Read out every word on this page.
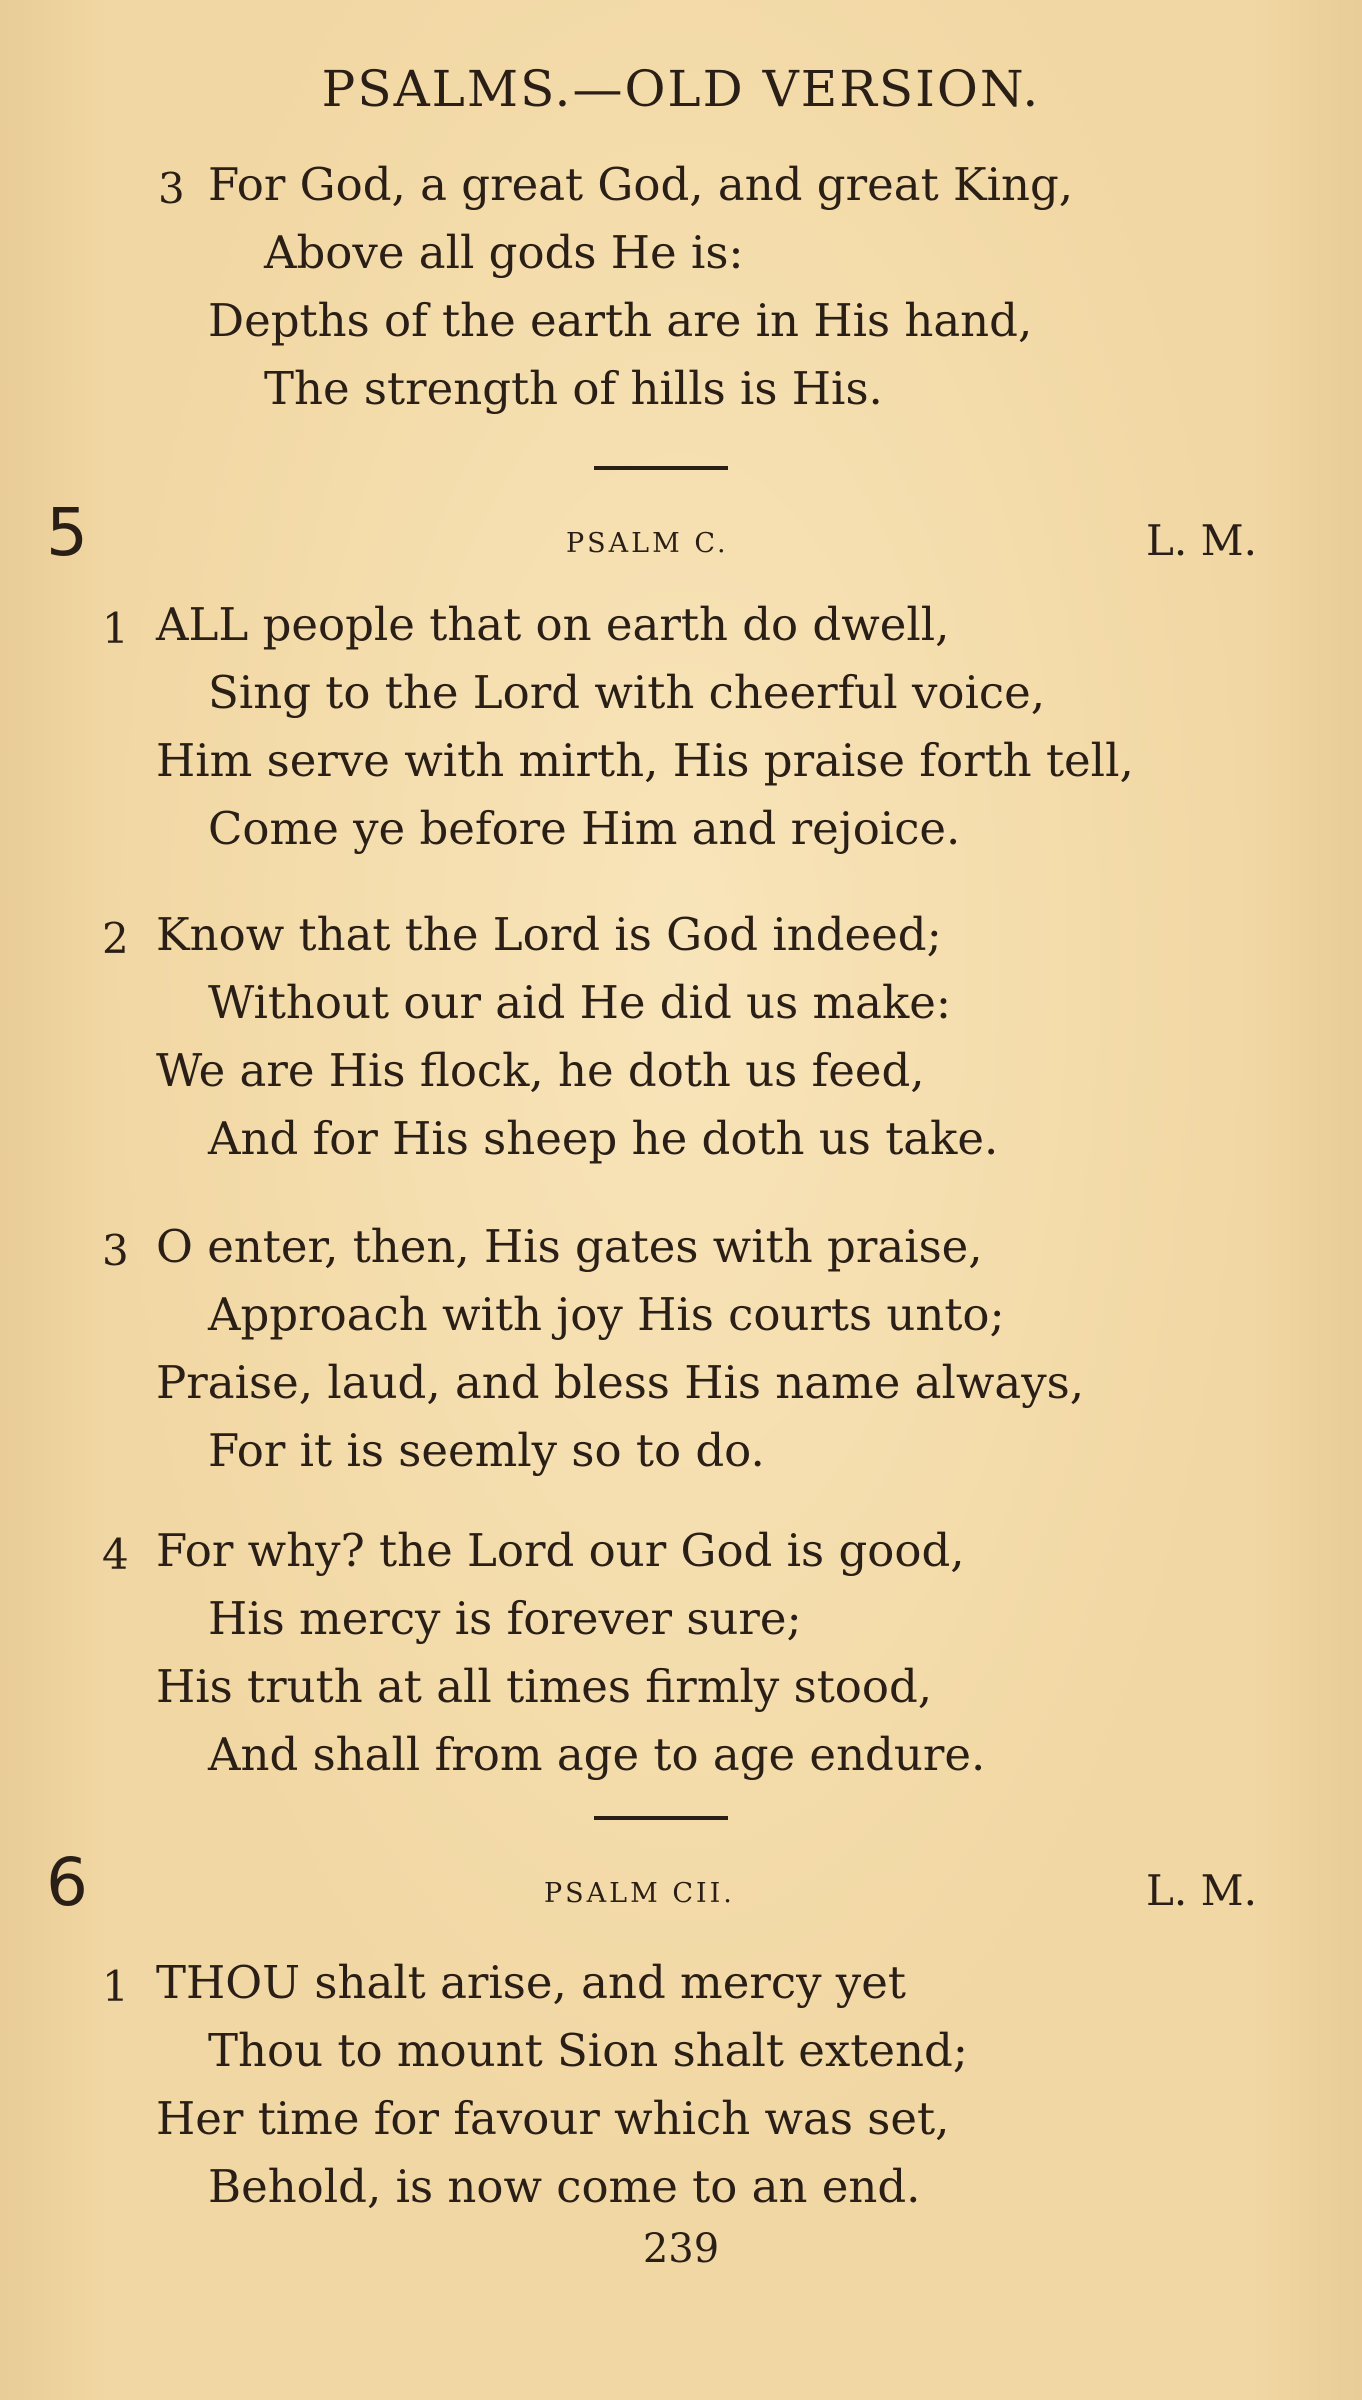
PSALMS.—OLD VERSION.
3 For God, a great God, and great King,
Above all gods He is:
Depths of the earth are in His hand,
The strength of hills is His.
5	PSALM C.	L. M.
1 ALL people that on earth do dwell,
Sing to the Lord with cheerful voice,
Him serve with mirth, His praise forth tell,
Come ye before Him and rejoice.
2 Know that the Lord is God indeed;
Without our aid He did us make:
We are His flock, he doth us feed,
And for His sheep he doth us take.
3 O enter, then, His gates with praise,
Approach with joy His courts unto;
Praise, laud, and bless His name always,
For it is seemly so to do.
4 For why? the Lord our God is good,
His mercy is forever sure;
His truth at all times firmly stood,
And shall from age to age endure.
6	PSALM CII.	L. M.
1 THOU shalt arise, and mercy yet
Thou to mount Sion shalt extend;
Her time for favour which was set,
Behold, is now come to an end.
239
